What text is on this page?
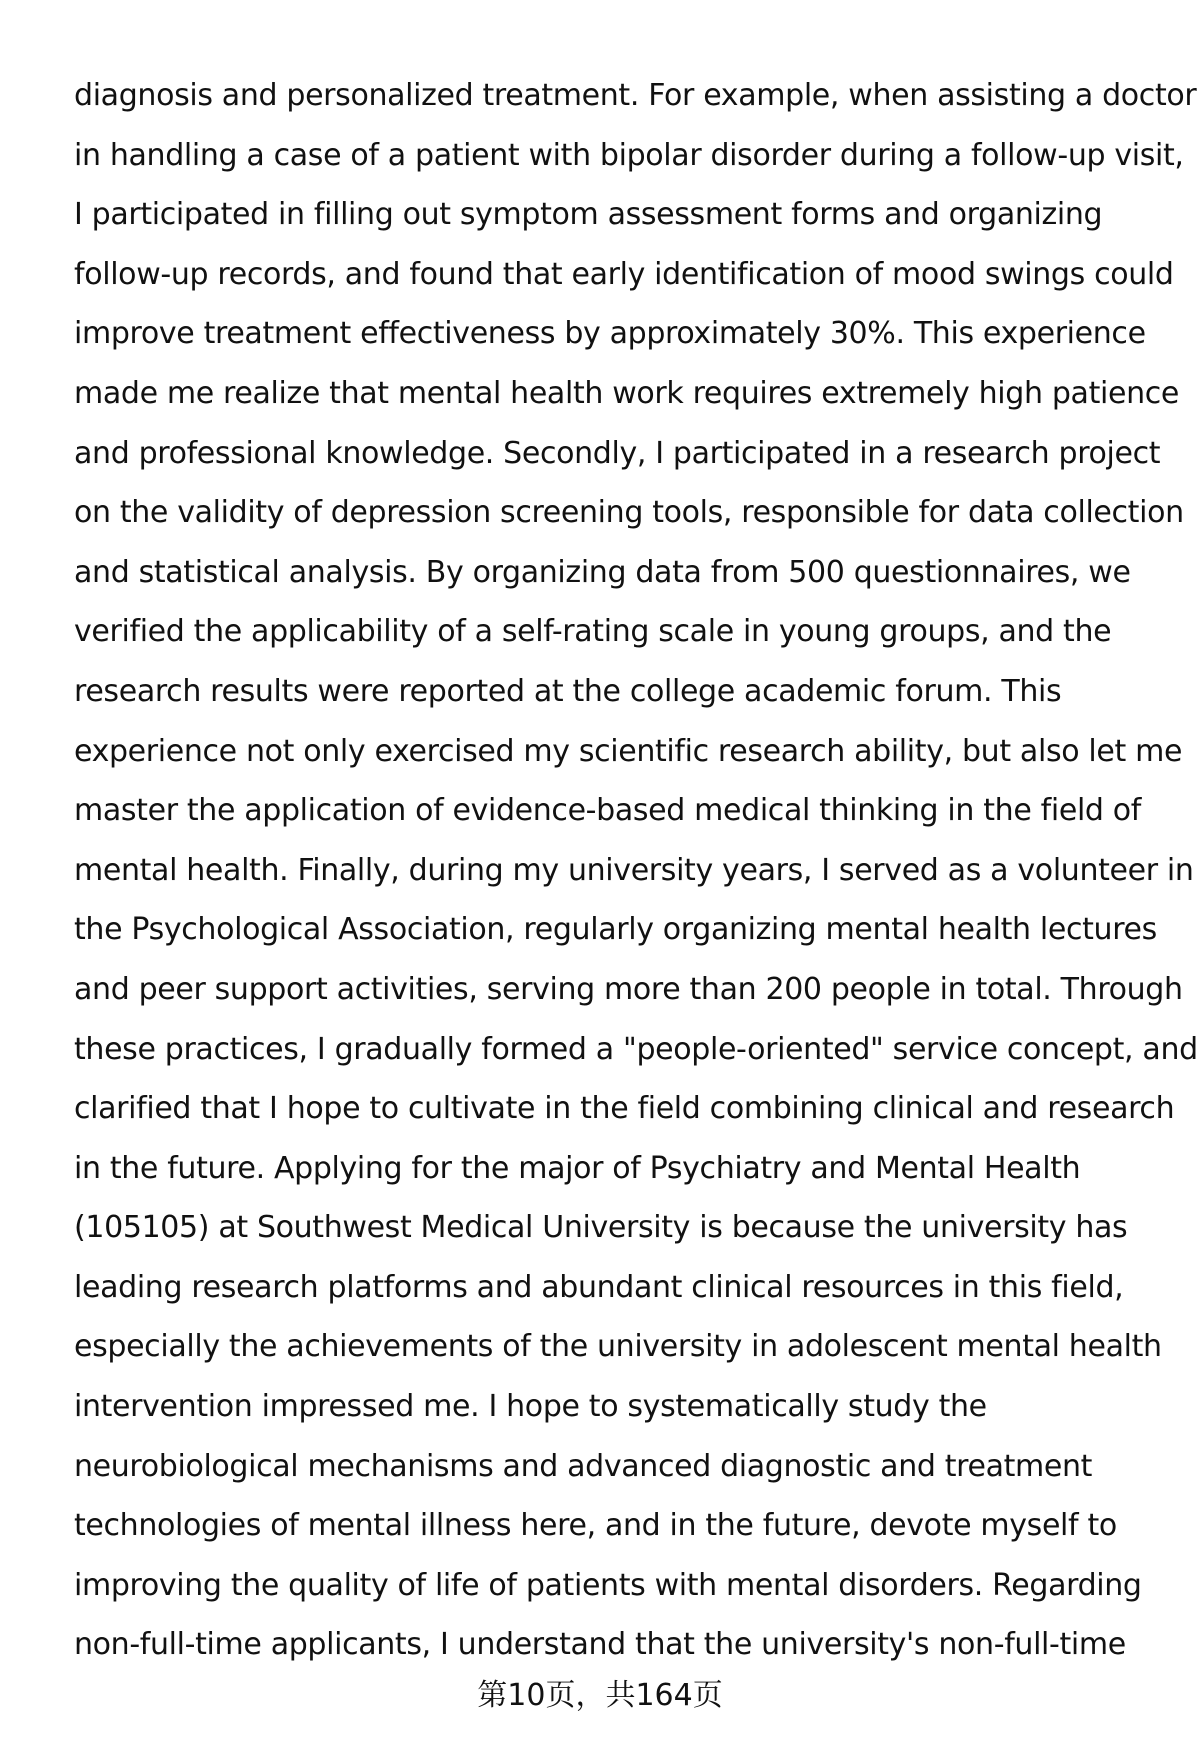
diagnosis and personalized treatment. For example, when assisting a doctor
in handling a case of a patient with bipolar disorder during a follow-up visit,
I participated in filling out symptom assessment forms and organizing
follow-up records, and found that early identification of mood swings could
improve treatment effectiveness by approximately 30%. This experience
made me realize that mental health work requires extremely high patience
and professional knowledge. Secondly, I participated in a research project
on the validity of depression screening tools, responsible for data collection
and statistical analysis. By organizing data from 500 questionnaires, we
verified the applicability of a self-rating scale in young groups, and the
research results were reported at the college academic forum. This
experience not only exercised my scientific research ability, but also let me
master the application of evidence-based medical thinking in the field of
mental health. Finally, during my university years, I served as a volunteer in
the Psychological Association, regularly organizing mental health lectures
and peer support activities, serving more than 200 people in total. Through
these practices, I gradually formed a "people-oriented" service concept, and
clarified that I hope to cultivate in the field combining clinical and research
in the future. Applying for the major of Psychiatry and Mental Health
(105105) at Southwest Medical University is because the university has
leading research platforms and abundant clinical resources in this field,
especially the achievements of the university in adolescent mental health
intervention impressed me. I hope to systematically study the
neurobiological mechanisms and advanced diagnostic and treatment
technologies of mental illness here, and in the future, devote myself to
improving the quality of life of patients with mental disorders. Regarding
non-full-time applicants, I understand that the university's non-full-time
第10页，共164页
